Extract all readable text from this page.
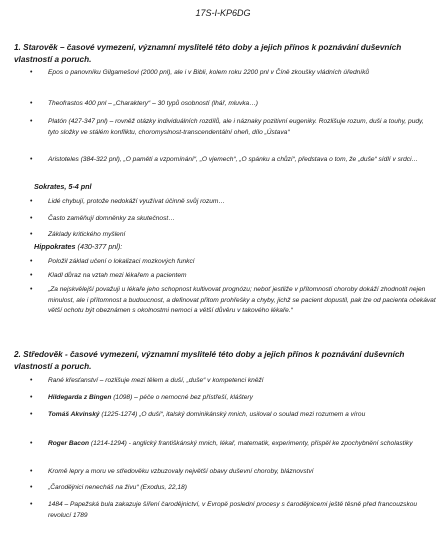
17S-I-KP6DG
1. Starověk – časové vymezení, významní myslitelé této doby a jejich přínos k poznávání duševních vlastností a poruch.
• Epos o panovníku Gilgamešovi (2000 pnl), ale i v Bibli, kolem roku 2200 pnl v Číně zkoušky vládních úředníků
• Theofrastos 400 pnl – „Charaktery“ – 30 typů osobností (lhář, mluvka…)
• Platón (427-347 pnl) – rovněž otázky individuálních rozdílů, ale i náznaky pozitivní eugeniky. Rozlišuje rozum, duši a touhy, pudy, tyto složky ve stálém konfliktu, choromyslnost-transcendentální oheň, dílo „Ústava“
• Aristoteles (384-322 pnl), „O paměti a vzpomínání“, „O vjemech“, „O spánku a chůzi“, představa o tom, že „duše“ sídlí v srdci…
Sokrates, 5-4 pnl
• Lidé chybují, protože nedokáží využívat účinně svůj rozum…
• Často zaměňují domněnky za skutečnost…
• Základy kritického myšlení
Hippokrates (430-377 pnl):
• Položil základ učení o lokalizaci mozkových funkcí
• Kladl důraz na vztah mezi lékařem a pacientem
• „Za nejskvělejší považuji u lékaře jeho schopnost kultivovat prognózu; neboť jestliže v přítomnosti choroby dokáží zhodnotit nejen minulost, ale i přítomnost a budoucnost, a definovat přitom prohřešky a chyby, jichž se pacient dopustil, pak lze od pacienta očekávat větší ochotu být obeznámen s okolnostmi nemoci a větší důvěru v takového lékaře.“
2. Středověk - časové vymezení, významní myslitelé této doby a jejich přínos k poznávání duševních vlastností a poruch.
• Rané křesťanství – rozlišuje mezi tělem a duší, „duše“ v kompetenci kněží
• Hildegarda z Bingen (1098) – péče o nemocné bez přístřeší, kláštery
• Tomáš Akvinský (1225-1274) „O duši“, italský dominikánský mnich, usiloval o soulad mezi rozumem a vírou
• Roger Bacon (1214-1294) - anglický františkánský mnich, lékař, matematik, experimenty, přispěl ke zpochybnění scholastiky
• Kromě lepry a moru ve středověku vzbuzovaly největší obavy duševní choroby, bláznovství
• „Čarodějnici nenecháš na živu“ (Exodus, 22,18)
• 1484 – Papežská bula zakazuje šíření čarodějnictví, v Evropě poslední procesy s čarodějnicemi ještě těsně před francouzskou revolucí 1789
